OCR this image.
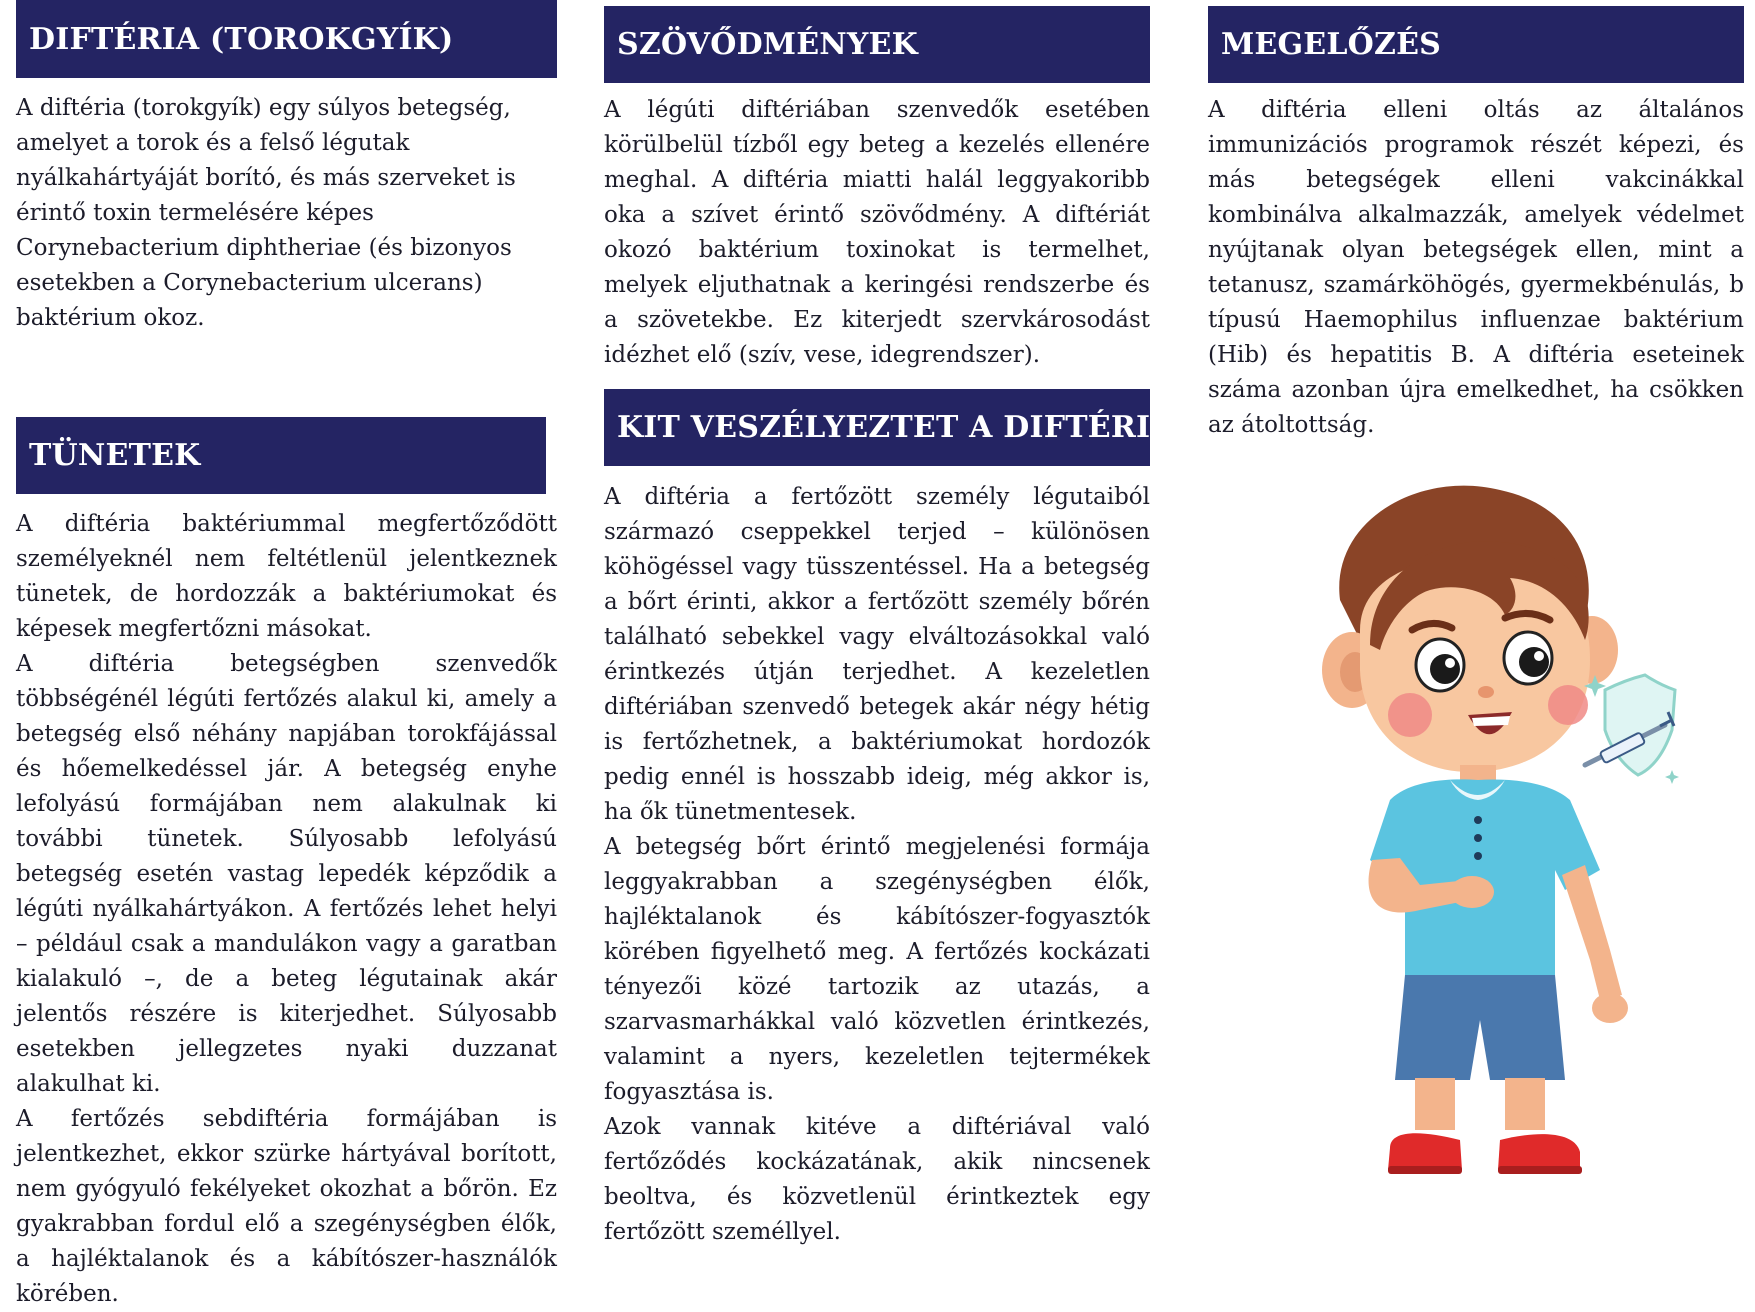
DIFTÉRIA (TOROKGYÍK)

A diftéria (torokgyík) egy súlyos betegség, amelyet a torok és a felső légutak nyálkahártyáját borító, és más szerveket is érintő toxin termelésére képes Corynebacterium diphtheriae (és bizonyos esetekben a Corynebacterium ulcerans) baktérium okoz.

TÜNETEK

A diftéria baktériummal megfertőződött személyeknél nem feltétlenül jelentkeznek tünetek, de hordozzák a baktériumokat és képesek megfertőzni másokat.

A diftéria betegségben szenvedők többségénél légúti fertőzés alakul ki, amely a betegség első néhány napjában torokfájással és hőemelkedéssel jár. A betegség enyhe lefolyású formájában nem alakulnak ki további tünetek. Súlyosabb lefolyású betegség esetén vastag lepedék képződik a légúti nyálkahártyákon. A fertőzés lehet helyi – például csak a mandulákon vagy a garatban kialakuló –, de a beteg légutainak akár jelentős részére is kiterjedhet. Súlyosabb esetekben jellegzetes nyaki duzzanat alakulhat ki.

A fertőzés sebdiftéria formájában is jelentkezhet, ekkor szürke hártyával borított, nem gyógyuló fekélyeket okozhat a bőrön. Ez gyakrabban fordul elő a szegénységben élők, a hajléktalanok és a kábítószer-használók körében.

SZÖVŐDMÉNYEK

A légúti diftériában szenvedők esetében körülbelül tízből egy beteg a kezelés ellenére meghal. A diftéria miatti halál leggyakoribb oka a szívet érintő szövődmény. A diftériát okozó baktérium toxinokat is termelhet, melyek eljuthatnak a keringési rendszerbe és a szövetekbe. Ez kiterjedt szervkárosodást idézhet elő (szív, vese, idegrendszer).

KIT VESZÉLYEZTET A DIFTÉRIA?

A diftéria a fertőzött személy légutaiból származó cseppekkel terjed – különösen köhögéssel vagy tüsszentéssel. Ha a betegség a bőrt érinti, akkor a fertőzött személy bőrén található sebekkel vagy elváltozásokkal való érintkezés útján terjedhet. A kezeletlen diftériában szenvedő betegek akár négy hétig is fertőzhetnek, a baktériumokat hordozók pedig ennél is hosszabb ideig, még akkor is, ha ők tünetmentesek.

A betegség bőrt érintő megjelenési formája leggyakrabban a szegénységben élők, hajléktalanok és kábítószer-fogyasztók körében figyelhető meg. A fertőzés kockázati tényezői közé tartozik az utazás, a szarvasmarhákkal való közvetlen érintkezés, valamint a nyers, kezeletlen tejtermékek fogyasztása is.

Azok vannak kitéve a diftériával való fertőződés kockázatának, akik nincsenek beoltva, és közvetlenül érintkeztek egy fertőzött személlyel.

MEGELŐZÉS

A diftéria elleni oltás az általános immunizációs programok részét képezi, és más betegségek elleni vakcinákkal kombinálva alkalmazzák, amelyek védelmet nyújtanak olyan betegségek ellen, mint a tetanusz, szamárköhögés, gyermekbénulás, b típusú Haemophilus influenzae baktérium (Hib) és hepatitis B. A diftéria eseteinek száma azonban újra emelkedhet, ha csökken az átoltottság.
